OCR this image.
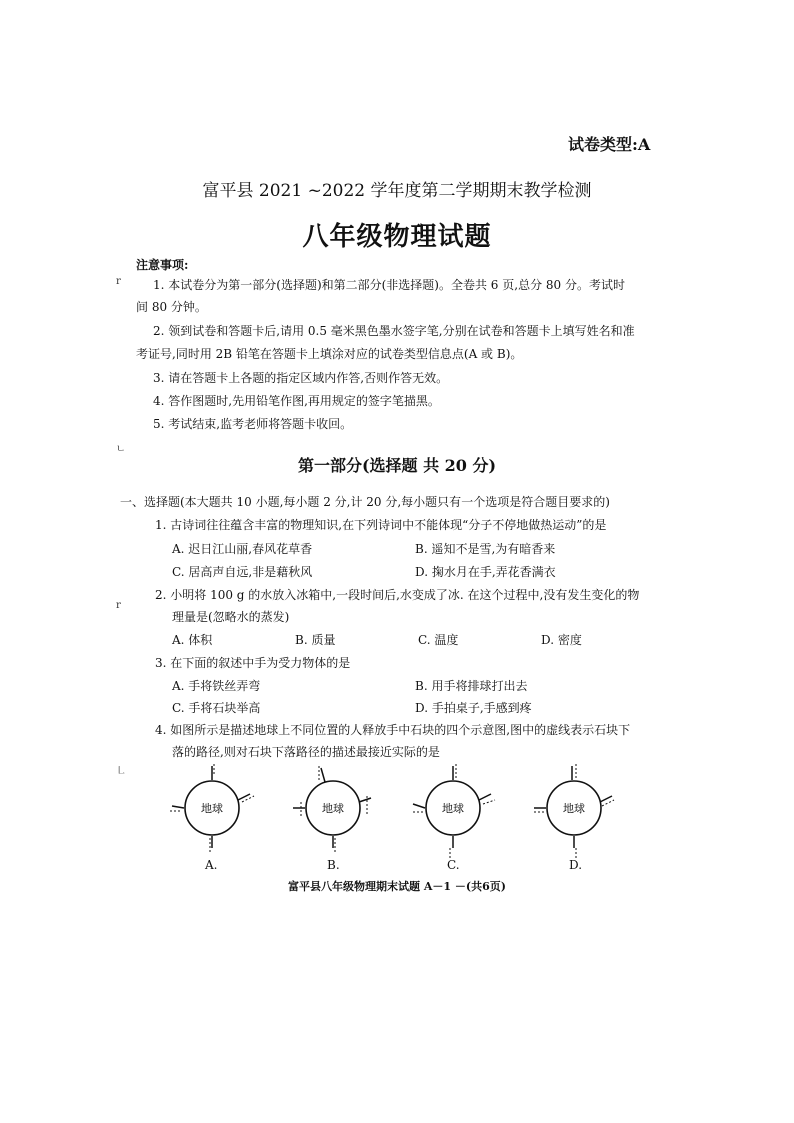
试卷类型:A
富平县 2021 ~2022 学年度第二学期期末教学检测
八年级物理试题
r
ㄴ
r
㇗
注意事项:
1. 本试卷分为第一部分(选择题)和第二部分(非选择题)。全卷共 6 页,总分 80 分。考试时
间 80 分钟。
2. 领到试卷和答题卡后,请用 0.5 毫米黑色墨水签字笔,分别在试卷和答题卡上填写姓名和准
考证号,同时用 2B 铅笔在答题卡上填涂对应的试卷类型信息点(A 或 B)。
3. 请在答题卡上各题的指定区域内作答,否则作答无效。
4. 答作图题时,先用铅笔作图,再用规定的签字笔描黑。
5. 考试结束,监考老师将答题卡收回。
第一部分(选择题 共 20 分)
一、选择题(本大题共 10 小题,每小题 2 分,计 20 分,每小题只有一个选项是符合题目要求的)
1. 古诗词往往蕴含丰富的物理知识,在下列诗词中不能体现“分子不停地做热运动”的是
A. 迟日江山丽,春风花草香	B. 遥知不是雪,为有暗香来
C. 居高声自远,非是藉秋风	D. 掬水月在手,弄花香满衣
2. 小明将 100 g 的水放入冰箱中,一段时间后,水变成了冰. 在这个过程中,没有发生变化的物
理量是(忽略水的蒸发)
A. 体积	B. 质量	C. 温度	D. 密度
3. 在下面的叙述中手为受力物体的是
A. 手将铁丝弄弯	B. 用手将排球打出去
C. 手将石块举高	D. 手拍桌子,手感到疼
4. 如图所示是描述地球上不同位置的人释放手中石块的四个示意图,图中的虚线表示石块下
落的路径,则对石块下落路径的描述最接近实际的是
地球	地球	地球	地球
A.	B.	C.	D.
富平县八年级物理期末试题 A－1 －(共6页)
